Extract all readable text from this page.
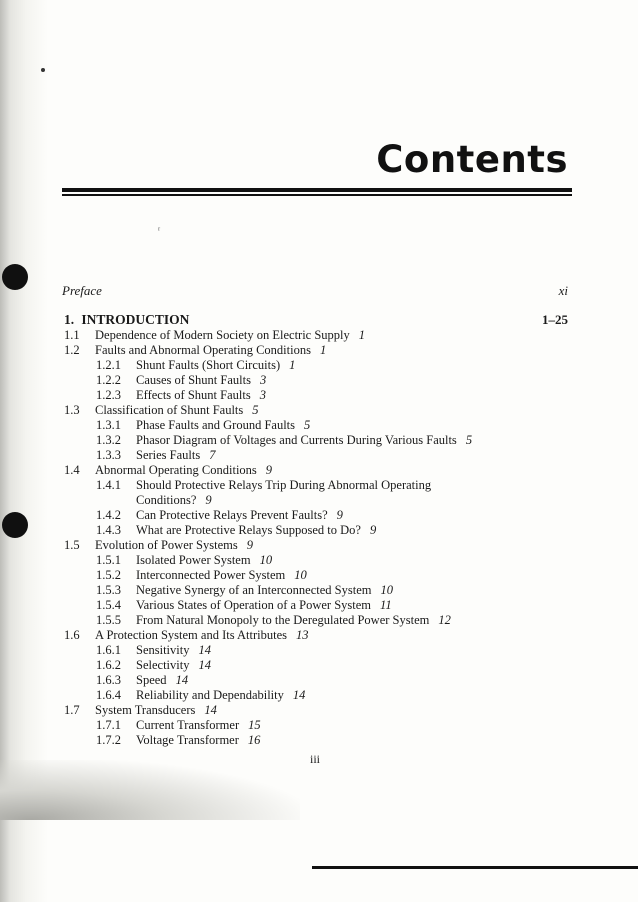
Contents
ʳ
Preface	xi
1. INTRODUCTION	1–25
1.1 Dependence of Modern Society on Electric Supply 1
1.2 Faults and Abnormal Operating Conditions 1
1.2.1 Shunt Faults (Short Circuits) 1
1.2.2 Causes of Shunt Faults 3
1.2.3 Effects of Shunt Faults 3
1.3 Classification of Shunt Faults 5
1.3.1 Phase Faults and Ground Faults 5
1.3.2 Phasor Diagram of Voltages and Currents During Various Faults 5
1.3.3 Series Faults 7
1.4 Abnormal Operating Conditions 9
1.4.1 Should Protective Relays Trip During Abnormal Operating
Conditions? 9
1.4.2 Can Protective Relays Prevent Faults? 9
1.4.3 What are Protective Relays Supposed to Do? 9
1.5 Evolution of Power Systems 9
1.5.1 Isolated Power System 10
1.5.2 Interconnected Power System 10
1.5.3 Negative Synergy of an Interconnected System 10
1.5.4 Various States of Operation of a Power System 11
1.5.5 From Natural Monopoly to the Deregulated Power System 12
1.6 A Protection System and Its Attributes 13
1.6.1 Sensitivity 14
1.6.2 Selectivity 14
1.6.3 Speed 14
1.6.4 Reliability and Dependability 14
1.7 System Transducers 14
1.7.1 Current Transformer 15
1.7.2 Voltage Transformer 16
iii
